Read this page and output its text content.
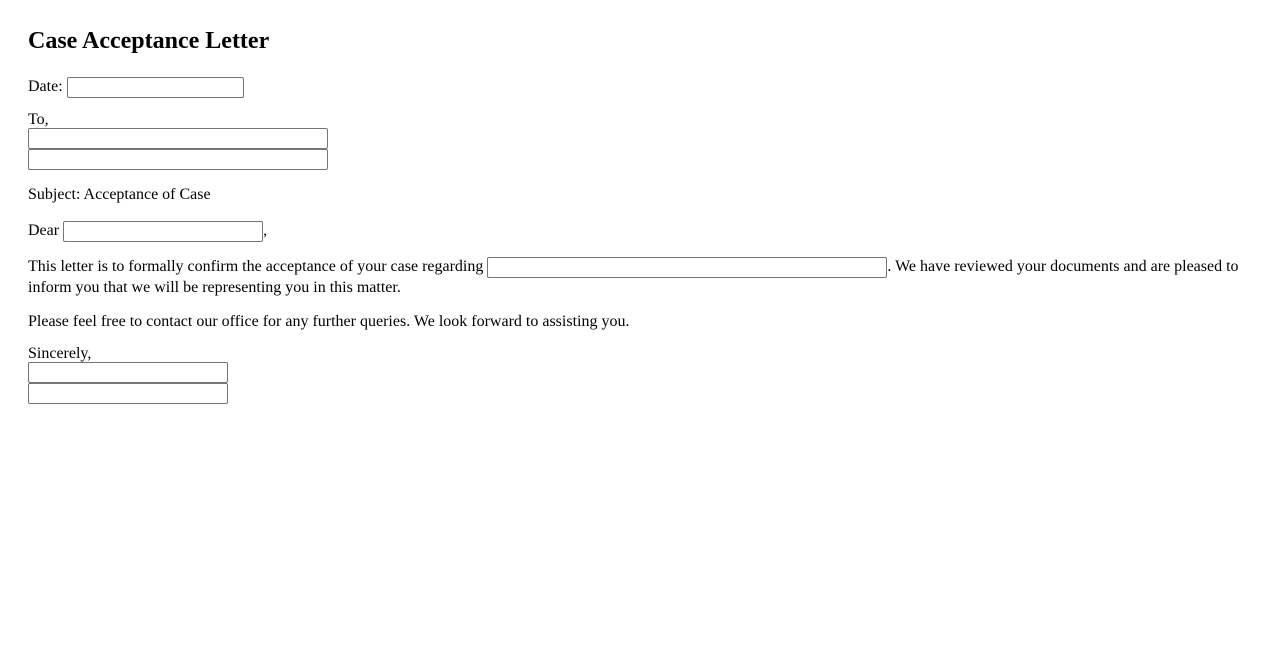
Case Acceptance Letter

Date:

To,

Subject: Acceptance of Case

Dear	,

This letter is to formally confirm the acceptance of your case regarding	. We have reviewed your documents and are pleased to inform you that we will be representing you in this matter.

Please feel free to contact our office for any further queries. We look forward to assisting you.

Sincerely,
